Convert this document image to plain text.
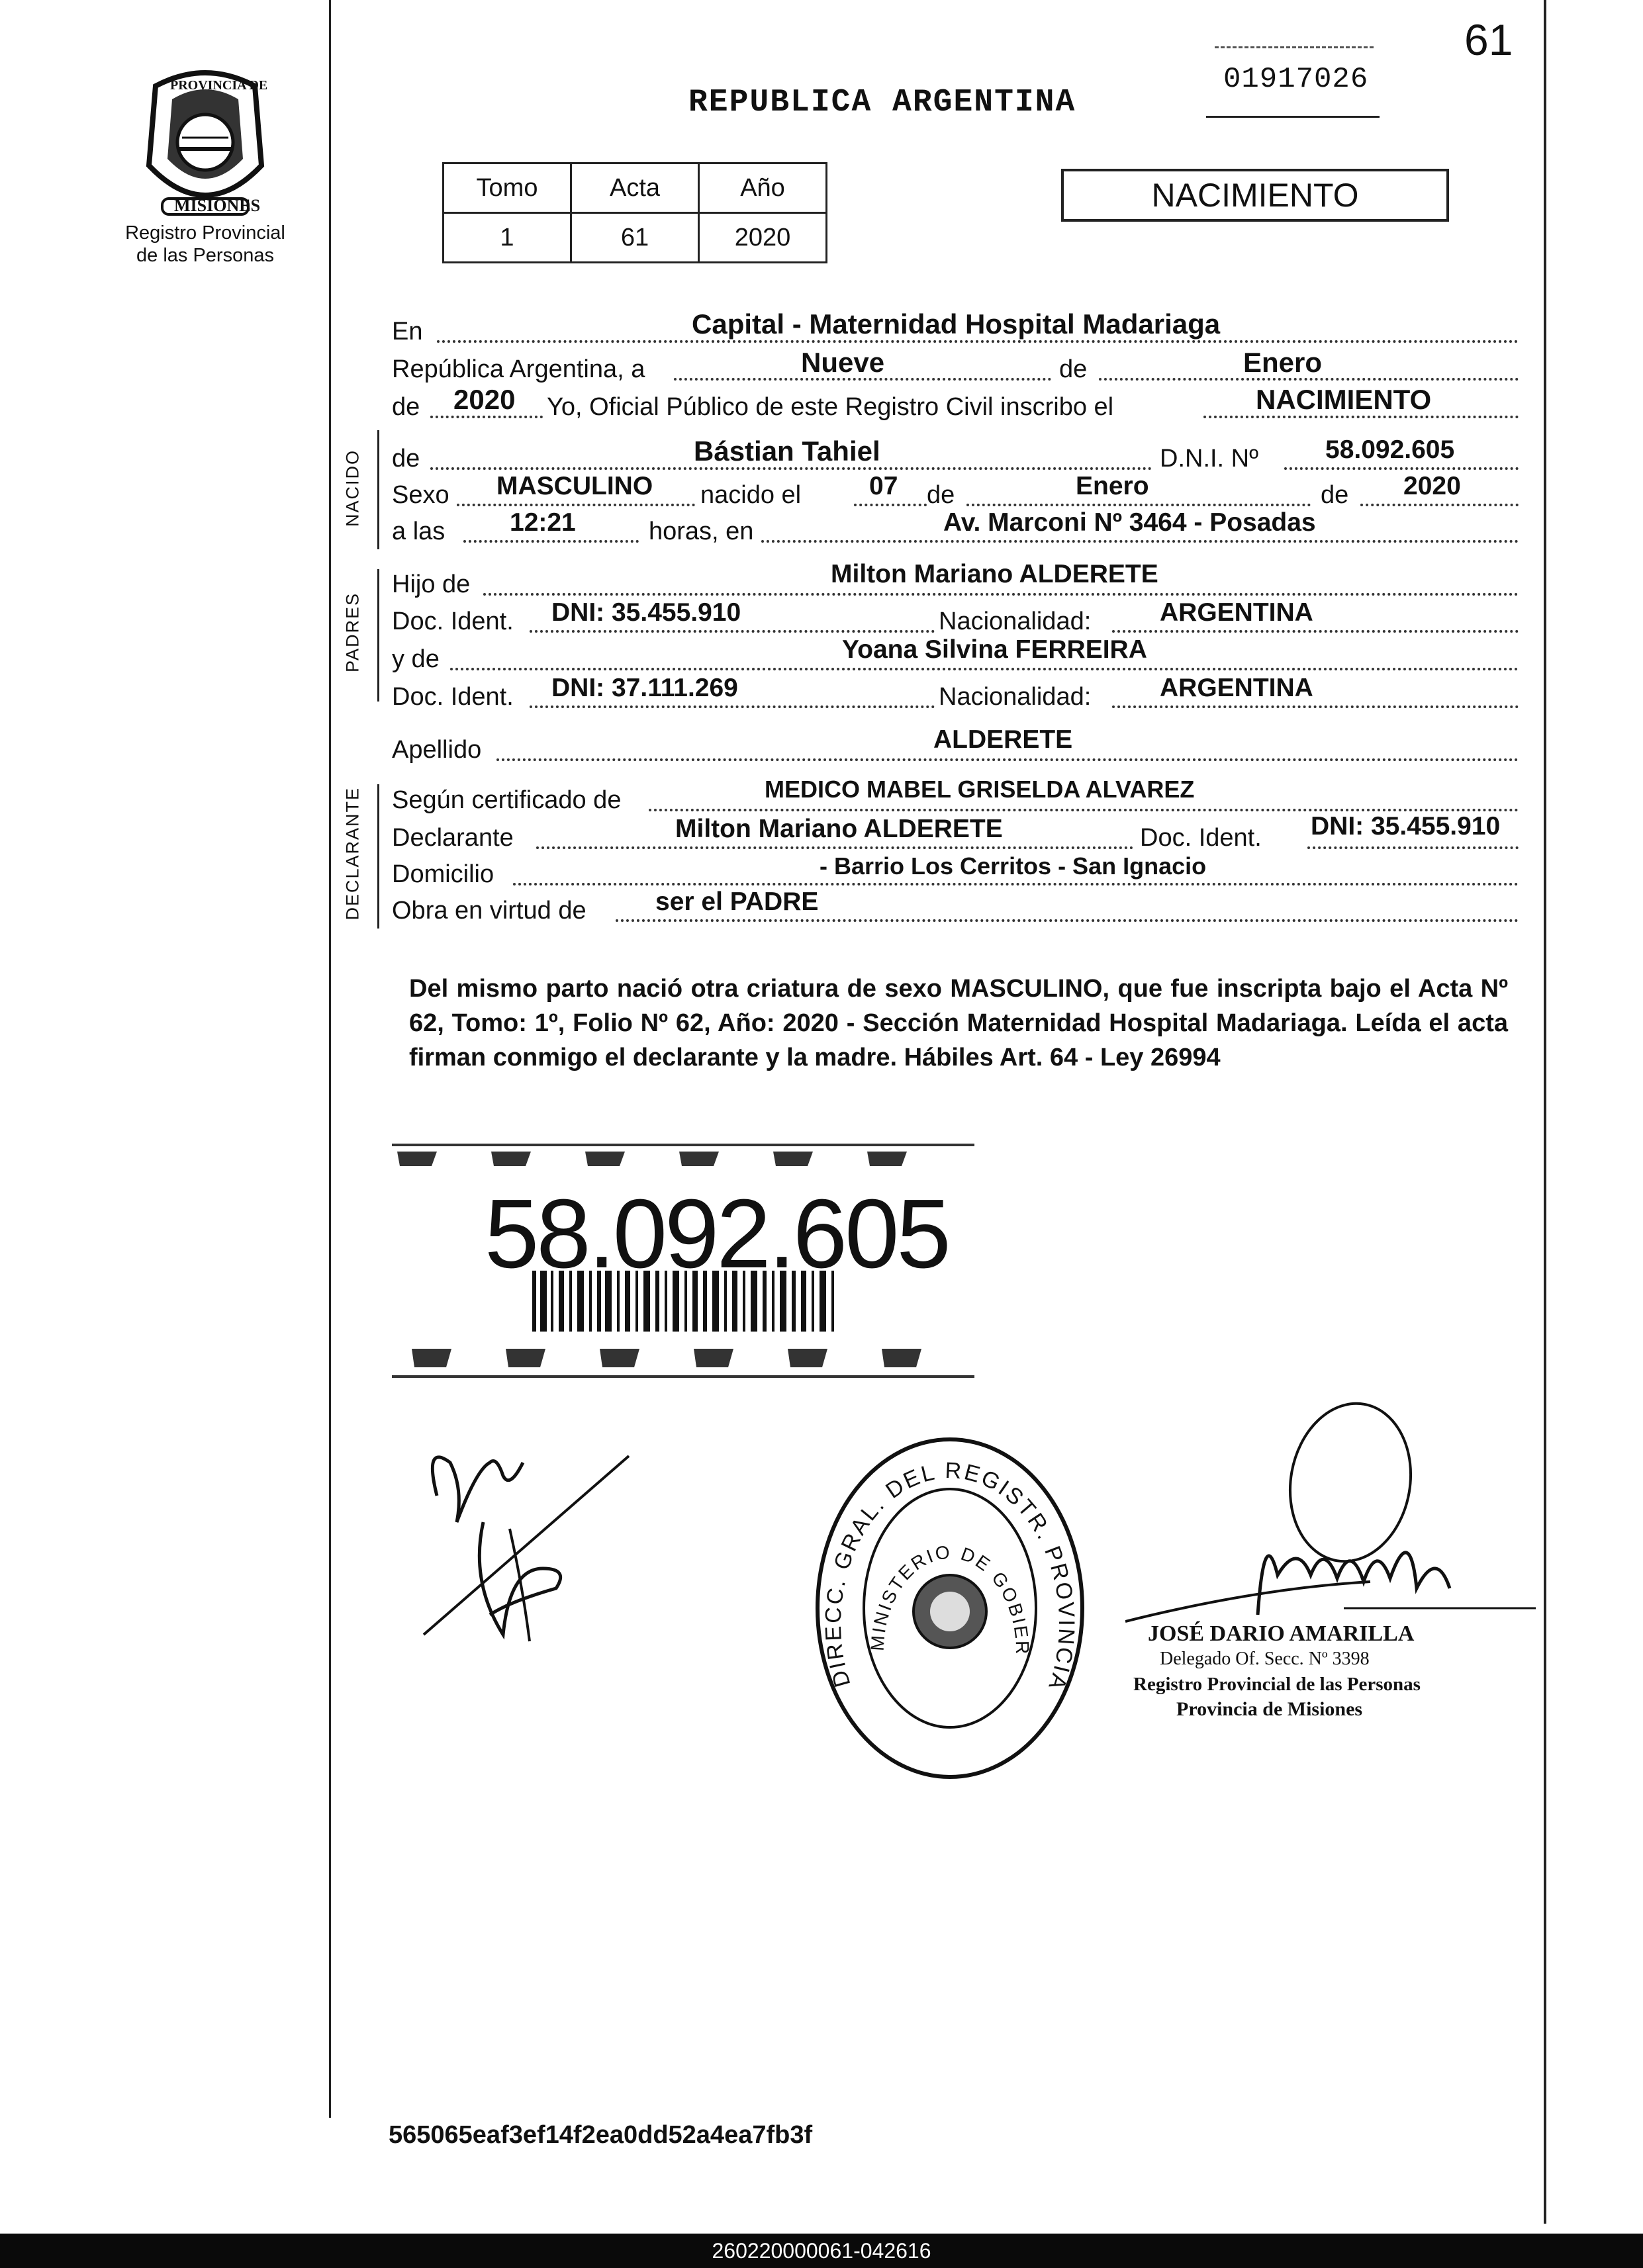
PROVINCIA DE
MISIONES
Registro Provincial
de las Personas
REPUBLICA ARGENTINA
01917026
61
Tomo	Acta	Año
1	61	2020
NACIMIENTO
En	Capital - Maternidad Hospital Madariaga
República Argentina, a	Nueve	de	Enero
de 2020 Yo, Oficial Público de este Registro Civil inscribo el	NACIMIENTO
NACIDO de	Bástian Tahiel	D.N.I. Nº	58.092.605
Sexo MASCULINO nacido el	07 de	Enero	de 2020
a las	12:21	horas, en	Av. Marconi Nº 3464 - Posadas
PADRES
Hijo de	Milton Mariano ALDERETE
Doc. Ident. DNI: 35.455.910	Nacionalidad:	ARGENTINA
y de	Yoana Silvina FERREIRA
Doc. Ident. DNI: 37.111.269	Nacionalidad:	ARGENTINA
Apellido	ALDERETE
DECLARANTE Según certificado de	MEDICO MABEL GRISELDA ALVAREZ
Declarante	Milton Mariano ALDERETE	Doc. Ident. DNI: 35.455.910
Domicilio	- Barrio Los Cerritos - San Ignacio
Obra en virtud de	ser el PADRE
Del mismo parto nació otra criatura de sexo MASCULINO, que fue inscripta bajo el Acta Nº 62, Tomo: 1º, Folio Nº 62, Año: 2020 - Sección Maternidad Hospital Madariaga. Leída el acta firman conmigo el declarante y la madre. Hábiles Art. 64 - Ley 26994
58.092.605
DIRECC. GRAL. DEL REGISTR. PROVINCIA
MINISTERIO DE GOBIER
JOSÉ DARIO AMARILLA
Delegado Of. Secc. Nº 3398
Registro Provincial de las Personas
Provincia de Misiones
565065eaf3ef14f2ea0dd52a4ea7fb3f
260220000061-042616
